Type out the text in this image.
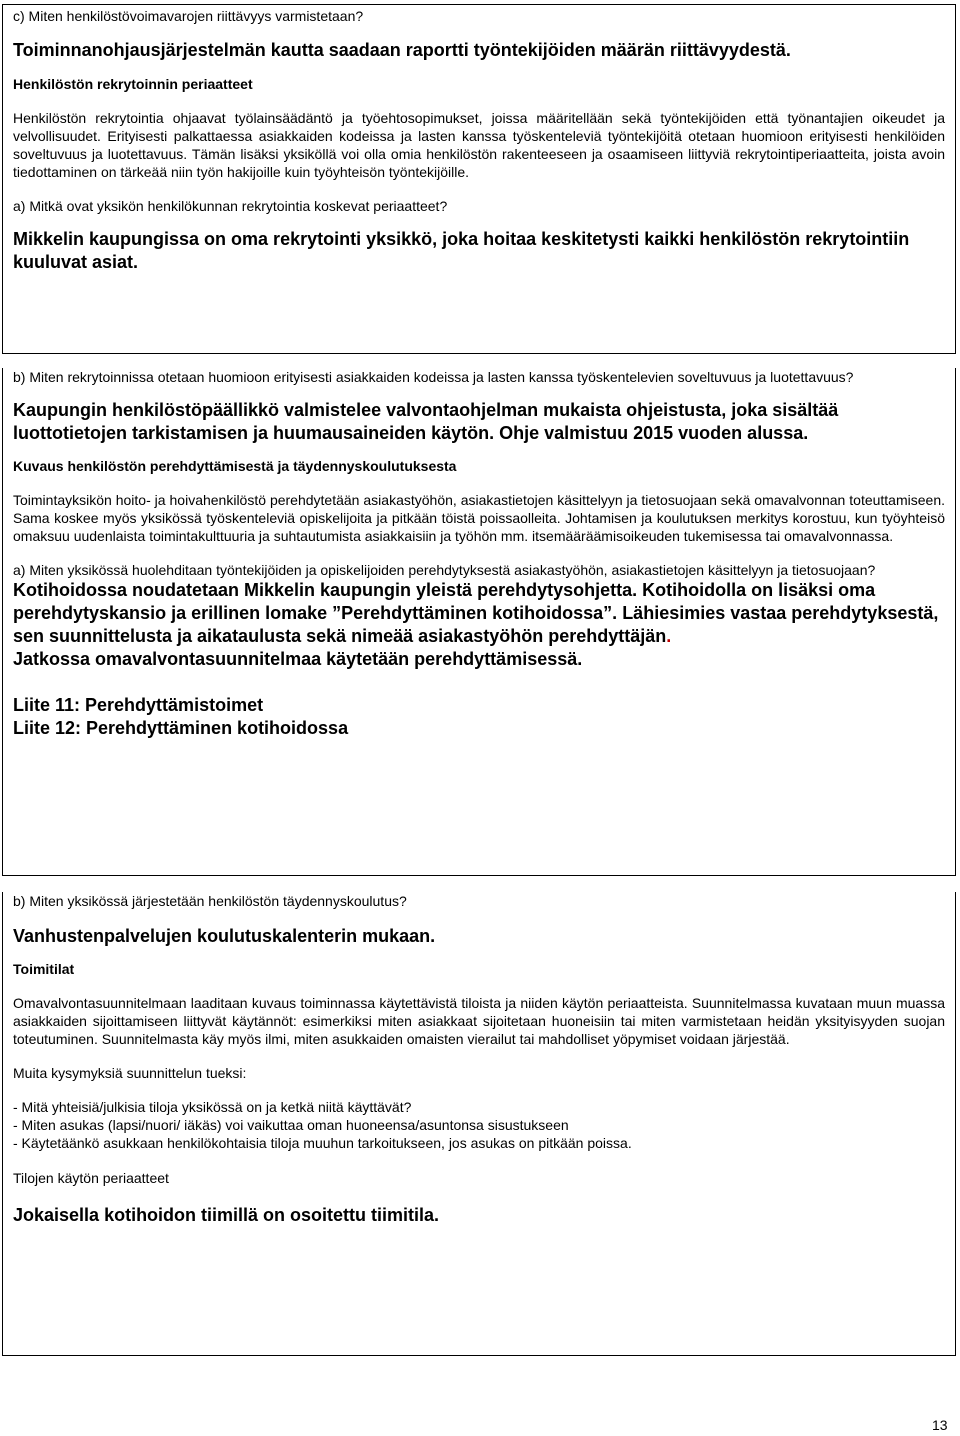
c) Miten henkilöstövoimavarojen riittävyys varmistetaan?

Toiminnanohjausjärjestelmän kautta saadaan raportti työntekijöiden määrän riittävyydestä.

Henkilöstön rekrytoinnin periaatteet

Henkilöstön rekrytointia ohjaavat työlainsäädäntö ja työehtosopimukset, joissa määritellään sekä työntekijöiden että työnantajien oikeudet ja velvollisuudet. Erityisesti palkattaessa asiakkaiden kodeissa ja lasten kanssa työskenteleviä työntekijöitä otetaan huomioon erityisesti henkilöiden soveltuvuus ja luotettavuus. Tämän lisäksi yksiköllä voi olla omia henkilöstön rakenteeseen ja osaamiseen liittyviä rekrytointiperiaatteita, joista avoin tiedottaminen on tärkeää niin työn hakijoille kuin työyhteisön työntekijöille.

a) Mitkä ovat yksikön henkilökunnan rekrytointia koskevat periaatteet?

Mikkelin kaupungissa on oma rekrytointi yksikkö, joka hoitaa keskitetysti kaikki henkilöstön rekrytointiin kuuluvat asiat.

b) Miten rekrytoinnissa otetaan huomioon erityisesti asiakkaiden kodeissa ja lasten kanssa työskentelevien soveltuvuus ja luotettavuus?

Kaupungin henkilöstöpäällikkö valmistelee valvontaohjelman mukaista ohjeistusta, joka sisältää luottotietojen tarkistamisen ja huumausaineiden käytön. Ohje valmistuu 2015 vuoden alussa.

Kuvaus henkilöstön perehdyttämisestä ja täydennyskoulutuksesta

Toimintayksikön hoito- ja hoivahenkilöstö perehdytetään asiakastyöhön, asiakastietojen käsittelyyn ja tietosuojaan sekä omavalvonnan toteuttamiseen. Sama koskee myös yksikössä työskenteleviä opiskelijoita ja pitkään töistä poissaolleita. Johtamisen ja koulutuksen merkitys korostuu, kun työyhteisö omaksuu uudenlaista toimintakulttuuria ja suhtautumista asiakkaisiin ja työhön mm. itsemääräämisoikeuden tukemisessa tai omavalvonnassa.

a) Miten yksikössä huolehditaan työntekijöiden ja opiskelijoiden perehdytyksestä asiakastyöhön, asiakastietojen käsittelyyn ja tietosuojaan?

Kotihoidossa noudatetaan Mikkelin kaupungin yleistä perehdytysohjetta. Kotihoidolla on lisäksi oma perehdytyskansio ja erillinen lomake ”Perehdyttäminen kotihoidossa”. Lähiesimies vastaa perehdytyksestä, sen suunnittelusta ja aikataulusta sekä nimeää asiakastyöhön perehdyttäjän.
Jatkossa omavalvontasuunnitelmaa käytetään perehdyttämisessä.

Liite 11: Perehdyttämistoimet

Liite 12: Perehdyttäminen kotihoidossa

b) Miten yksikössä järjestetään henkilöstön täydennyskoulutus?

Vanhustenpalvelujen koulutuskalenterin mukaan.

Toimitilat

Omavalvontasuunnitelmaan laaditaan kuvaus toiminnassa käytettävistä tiloista ja niiden käytön periaatteista. Suunnitelmassa kuvataan muun muassa asiakkaiden sijoittamiseen liittyvät käytännöt: esimerkiksi miten asiakkaat sijoitetaan huoneisiin tai miten varmistetaan heidän yksityisyyden suojan toteutuminen. Suunnitelmasta käy myös ilmi, miten asukkaiden omaisten vierailut tai mahdolliset yöpymiset voidaan järjestää.

Muita kysymyksiä suunnittelun tueksi:

- Mitä yhteisiä/julkisia tiloja yksikössä on ja ketkä niitä käyttävät?

- Miten asukas (lapsi/nuori/ iäkäs) voi vaikuttaa oman huoneensa/asuntonsa sisustukseen

- Käytetäänkö asukkaan henkilökohtaisia tiloja muuhun tarkoitukseen, jos asukas on pitkään poissa.

Tilojen käytön periaatteet

Jokaisella kotihoidon tiimillä on osoitettu tiimitila.

13
